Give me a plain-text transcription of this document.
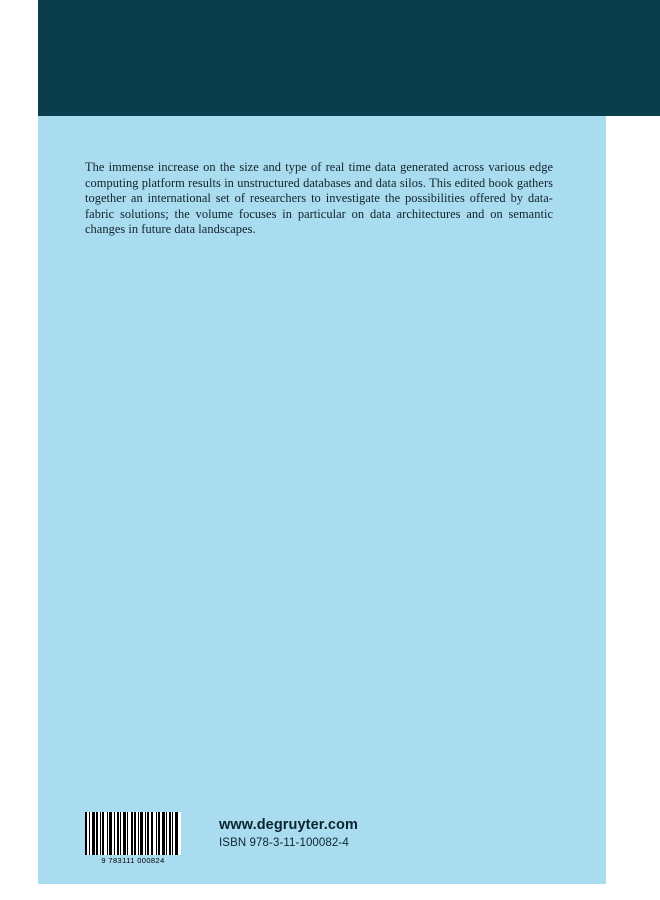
The immense increase on the size and type of real time data generated across various edge computing platform results in unstructured databases and data silos. This edited book gathers together an international set of researchers to investigate the possibilities offered by data-fabric solutions; the volume focuses in particular on data architectures and on semantic changes in future data landscapes.
9 783111 000824
www.degruyter.com
ISBN 978-3-11-100082-4
